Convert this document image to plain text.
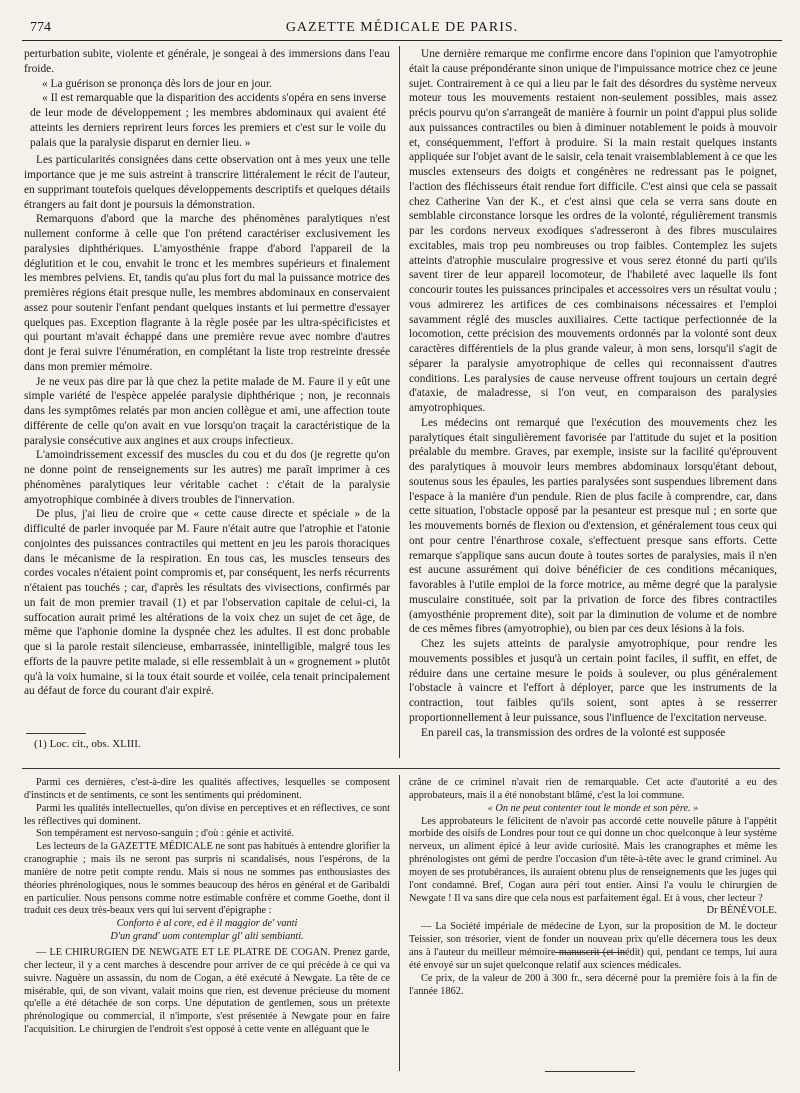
774	GAZETTE MÉDICALE DE PARIS.

perturbation subite, violente et générale, je songeai à des immersions dans l'eau froide.

« La guérison se prononça dès lors de jour en jour.

« Il est remarquable que la disparition des accidents s'opéra en sens inverse de leur mode de développement ; les membres abdominaux qui avaient été atteints les derniers reprirent leurs forces les premiers et c'est sur le voile du palais que la paralysie disparut en dernier lieu. »

Les particularités consignées dans cette observation ont à mes yeux une telle importance que je me suis astreint à transcrire littéralement le récit de l'auteur, en supprimant toutefois quelques développements descriptifs et quelques détails étrangers au fait dont je poursuis la démonstration.

Remarquons d'abord que la marche des phénomènes paralytiques n'est nullement conforme à celle que l'on prétend caractériser exclusivement les paralysies diphthériques. L'amyosthénie frappe d'abord l'appareil de la déglutition et le cou, envahit le tronc et les membres supérieurs et finalement les membres pelviens. Et, tandis qu'au plus fort du mal la puissance motrice des premières régions était presque nulle, les membres abdominaux en conservaient assez pour soutenir l'enfant pendant quelques instants et lui permettre d'essayer quelques pas. Exception flagrante à la règle posée par les ultra-spécificistes et qui pourtant m'avait échappé dans une première revue avec nombre d'autres dont je ferai suivre l'énumération, en complétant la liste trop restreinte dressée dans mon premier mémoire.

Je ne veux pas dire par là que chez la petite malade de M. Faure il y eût une simple variété de l'espèce appelée paralysie diphthérique ; non, je reconnais dans les symptômes relatés par mon ancien collègue et ami, une affection toute différente de celle qu'on avait en vue lorsqu'on traçait la caractéristique de la paralysie consécutive aux angines et aux croups infectieux.

L'amoindrissement excessif des muscles du cou et du dos (je regrette qu'on ne donne point de renseignements sur les autres) me paraît imprimer à ces phénomènes paralytiques leur véritable cachet : c'était de la paralysie amyotrophique combinée à divers troubles de l'innervation.

De plus, j'ai lieu de croire que « cette cause directe et spéciale » de la difficulté de parler invoquée par M. Faure n'était autre que l'atrophie et l'atonie conjointes des puissances contractiles qui mettent en jeu les parois thoraciques dans le mécanisme de la respiration. En tous cas, les muscles tenseurs des cordes vocales n'étaient point compromis et, par conséquent, les nerfs récurrents n'étaient pas touchés ; car, d'après les résultats des vivisections, confirmés par un fait de mon premier travail (1) et par l'observation capitale de celui-ci, la suffocation aurait primé les altérations de la voix chez un sujet de cet âge, de même que l'aphonie domine la dyspnée chez les adultes. Il est donc probable que si la parole restait silencieuse, embarrassée, inintelligible, malgré tous les efforts de la pauvre petite malade, si elle ressemblait à un « grognement » plutôt qu'à la voix humaine, si la toux était sourde et voilée, cela tenait principalement au défaut de force du courant d'air expiré.

(1) Loc. cit., obs. XLIII.

Une dernière remarque me confirme encore dans l'opinion que l'amyotrophie était la cause prépondérante sinon unique de l'impuissance motrice chez ce jeune sujet. Contrairement à ce qui a lieu par le fait des désordres du système nerveux moteur tous les mouvements restaient non-seulement possibles, mais assez précis pourvu qu'on s'arrangeât de manière à fournir un point d'appui plus solide aux puissances contractiles ou bien à diminuer notablement le poids à mouvoir et, conséquemment, l'effort à produire. Si la main restait quelques instants appliquée sur l'objet avant de le saisir, cela tenait vraisemblablement à ce que les muscles extenseurs des doigts et congénères ne redressant pas le poignet, l'action des fléchisseurs était rendue fort difficile. C'est ainsi que cela se passait chez Catherine Van der K., et c'est ainsi que cela se verra sans doute en semblable circonstance lorsque les ordres de la volonté, régulièrement transmis par les cordons nerveux exodiques s'adresseront à des fibres musculaires excitables, mais trop peu nombreuses ou trop faibles. Contemplez les sujets atteints d'atrophie musculaire progressive et vous serez étonné du parti qu'ils savent tirer de leur appareil locomoteur, de l'habileté avec laquelle ils font concourir toutes les puissances principales et accessoires vers un résultat voulu ; vous admirerez les artifices de ces combinaisons nécessaires et l'emploi savamment réglé des muscles auxiliaires. Cette tactique perfectionnée de la locomotion, cette précision des mouvements ordonnés par la volonté sont deux caractères différentiels de la plus grande valeur, à mon sens, lorsqu'il s'agit de séparer la paralysie amyotrophique de celles qui reconnaissent d'autres conditions. Les paralysies de cause nerveuse offrent toujours un certain degré d'ataxie, de maladresse, si l'on veut, en comparaison des paralysies amyotrophiques.

Les médecins ont remarqué que l'exécution des mouvements chez les paralytiques était singulièrement favorisée par l'attitude du sujet et la position préalable du membre. Graves, par exemple, insiste sur la facilité qu'éprouvent des paralytiques à mouvoir leurs membres abdominaux lorsqu'étant debout, soutenus sous les épaules, les parties paralysées sont suspendues librement dans l'espace à la manière d'un pendule. Rien de plus facile à comprendre, car, dans cette situation, l'obstacle opposé par la pesanteur est presque nul ; en sorte que les mouvements bornés de flexion ou d'extension, et généralement tous ceux qui ont pour centre l'énarthrose coxale, s'effectuent presque sans efforts. Cette remarque s'applique sans aucun doute à toutes sortes de paralysies, mais il n'en est aucune assurément qui doive bénéficier de ces conditions mécaniques, favorables à l'utile emploi de la force motrice, au même degré que la paralysie musculaire constituée, soit par la privation de force des fibres contractiles (amyosthénie proprement dite), soit par la diminution de volume et de nombre de ces mêmes fibres (amyotrophie), ou bien par ces deux lésions à la fois.

Chez les sujets atteints de paralysie amyotrophique, pour rendre les mouvements possibles et jusqu'à un certain point faciles, il suffit, en effet, de réduire dans une certaine mesure le poids à soulever, ou plus généralement l'obstacle à vaincre et l'effort à déployer, parce que les instruments de la contraction, tout faibles qu'ils soient, sont aptes à se resserrer proportionnellement à leur puissance, sous l'influence de l'excitation nerveuse.

En pareil cas, la transmission des ordres de la volonté est supposée

Parmi ces dernières, c'est-à-dire les qualités affectives, lesquelles se composent d'instincts et de sentiments, ce sont les sentiments qui prédominent.

Parmi les qualités intellectuelles, qu'on divise en perceptives et en réflectives, ce sont les réflectives qui dominent.

Son tempérament est nervoso-sanguin ; d'où : génie et activité.

Les lecteurs de la GAZETTE MÉDICALE ne sont pas habitués à entendre glorifier la cranographie ; mais ils ne seront pas surpris ni scandalisés, nous l'espérons, de la manière de notre petit compte rendu. Mais si nous ne sommes pas enthousiastes des théories phrénologiques, nous le sommes beaucoup des héros en général et de Garibaldi en particulier. Nous pensons comme notre estimable confrère et comme Goethe, dont il traduit ces deux très-beaux vers qui lui servent d'épigraphe :

Conforto è al core, ed è il maggior de' vanti

D'un grand' uom contemplar gl' alti sembianti.

— LE CHIRURGIEN DE NEWGATE ET LE PLATRE DE COGAN. Prenez garde, cher lecteur, il y a cent marches à descendre pour arriver de ce qui précède à ce qui va suivre. Naguère un assassin, du nom de Cogan, a été exécuté à Newgate. La tête de ce misérable, qui, de son vivant, valait moins que rien, est devenue précieuse du moment qu'elle a été détachée de son corps. Une députation de gentlemen, sous un prétexte phrénologique ou commercial, il n'importe, s'est présentée à Newgate pour en faire l'acquisition. Le chirurgien de l'endroit s'est opposé à cette vente en alléguant que le

crâne de ce criminel n'avait rien de remarquable. Cet acte d'autorité a eu des approbateurs, mais il a été nonobstant blâmé, c'est la loi commune.

« On ne peut contenter tout le monde et son père. »

Les approbateurs le félicitent de n'avoir pas accordé cette nouvelle pâture à l'appétit morbide des oisifs de Londres pour tout ce qui donne un choc quelconque à leur système nerveux, un aliment épicé à leur avide curiosité. Mais les cranographes et même les phrénologistes ont gémi de perdre l'occasion d'un tête-à-tête avec le grand criminel. Au moyen de ses protubérances, ils auraient obtenu plus de renseignements que les juges qui l'ont condamné. Bref, Cogan aura péri tout entier. Ainsi l'a voulu le chirurgien de Newgate ! Il va sans dire que cela nous est parfaitement égal. Et à vous, cher lecteur ?

Dr BÉNÉVOLE.

— La Société impériale de médecine de Lyon, sur la proposition de M. le docteur Teissier, son trésorier, vient de fonder un nouveau prix qu'elle décernera tous les deux ans à l'auteur du meilleur mémoire manuscrit (et inédit) qui, pendant ce temps, lui aura été envoyé sur un sujet quelconque relatif aux sciences médicales.

Ce prix, de la valeur de 200 à 300 fr., sera décerné pour la première fois à la fin de l'année 1862.
